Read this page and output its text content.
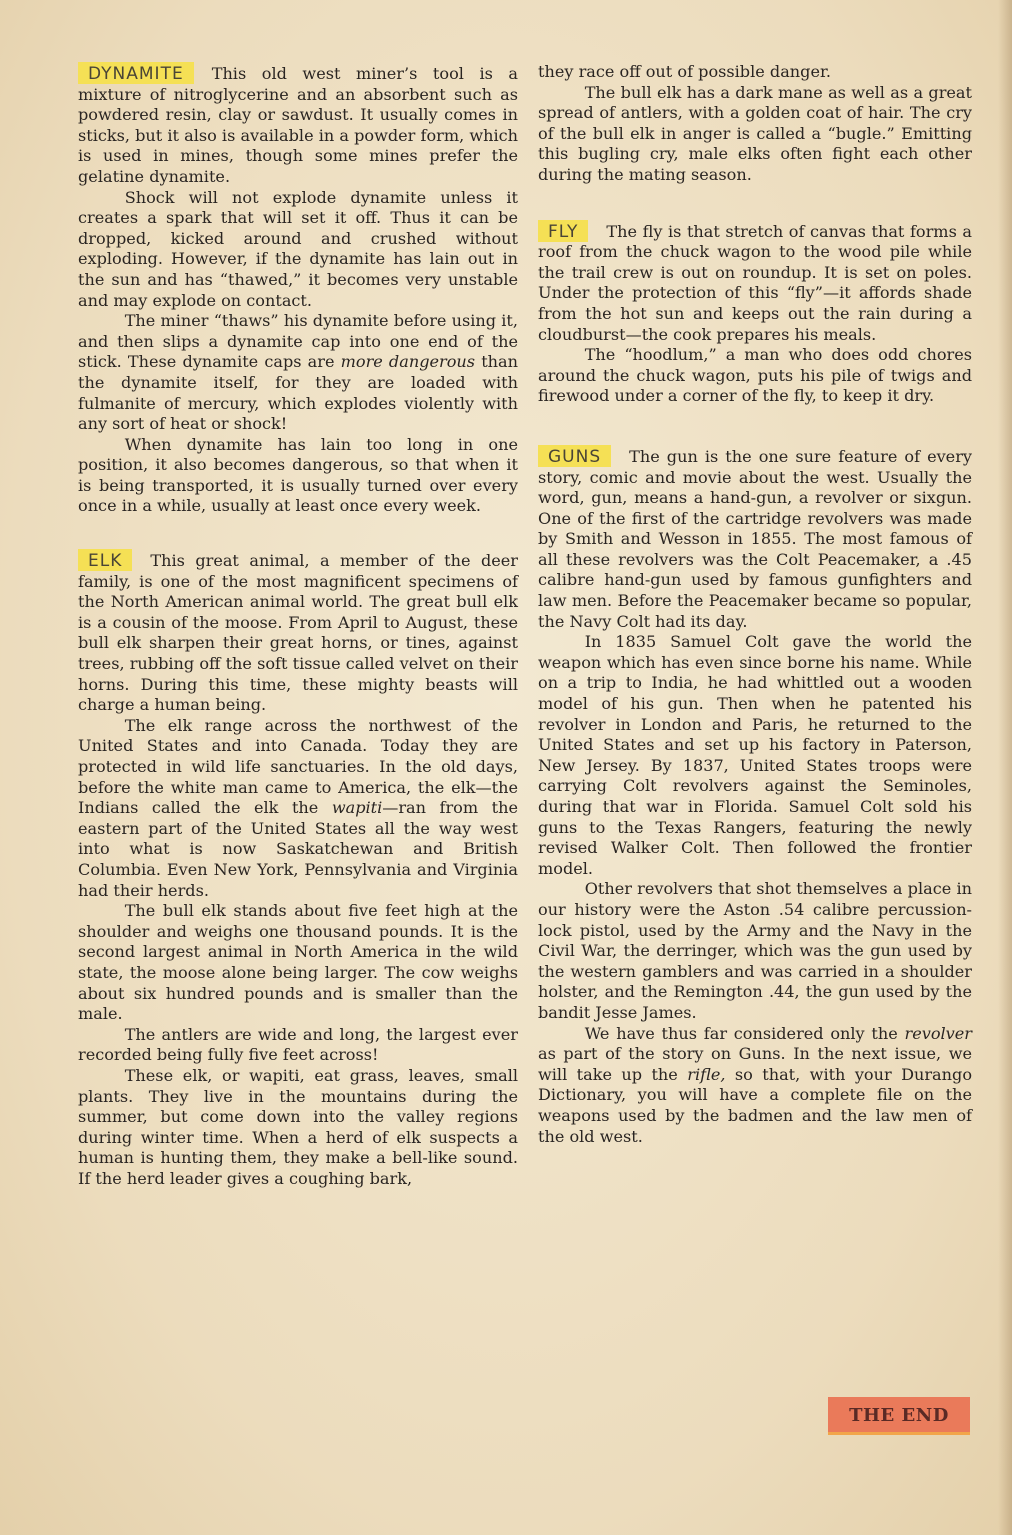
DYNAMITE This old west miner’s tool is a mixture of nitroglycerine and an absorbent such as powdered resin, clay or sawdust. It usually comes in sticks, but it also is available in a powder form, which is used in mines, though some mines prefer the gelatine dynamite.

Shock will not explode dynamite unless it creates a spark that will set it off. Thus it can be dropped, kicked around and crushed without exploding. However, if the dynamite has lain out in the sun and has “thawed,” it becomes very unstable and may explode on contact.

The miner “thaws” his dynamite before using it, and then slips a dynamite cap into one end of the stick. These dynamite caps are more dangerous than the dynamite itself, for they are loaded with fulmanite of mercury, which explodes violently with any sort of heat or shock!

When dynamite has lain too long in one position, it also becomes dangerous, so that when it is being transported, it is usually turned over every once in a while, usually at least once every week.

ELK This great animal, a member of the deer family, is one of the most magnificent specimens of the North American animal world. The great bull elk is a cousin of the moose. From April to August, these bull elk sharpen their great horns, or tines, against trees, rubbing off the soft tissue called velvet on their horns. During this time, these mighty beasts will charge a human being.

The elk range across the northwest of the United States and into Canada. Today they are protected in wild life sanctuaries. In the old days, before the white man came to America, the elk—the Indians called the elk the wapiti—ran from the eastern part of the United States all the way west into what is now Saskatchewan and British Columbia. Even New York, Pennsylvania and Virginia had their herds.

The bull elk stands about five feet high at the shoulder and weighs one thousand pounds. It is the second largest animal in North America in the wild state, the moose alone being larger. The cow weighs about six hundred pounds and is smaller than the male.

The antlers are wide and long, the largest ever recorded being fully five feet across!

These elk, or wapiti, eat grass, leaves, small plants. They live in the mountains during the summer, but come down into the valley regions during winter time. When a herd of elk suspects a human is hunting them, they make a bell-like sound. If the herd leader gives a coughing bark,

they race off out of possible danger.

The bull elk has a dark mane as well as a great spread of antlers, with a golden coat of hair. The cry of the bull elk in anger is called a “bugle.” Emitting this bugling cry, male elks often fight each other during the mating season.

FLY The fly is that stretch of canvas that forms a roof from the chuck wagon to the wood pile while the trail crew is out on roundup. It is set on poles. Under the protection of this “fly”—it affords shade from the hot sun and keeps out the rain during a cloudburst—the cook prepares his meals.

The “hoodlum,” a man who does odd chores around the chuck wagon, puts his pile of twigs and firewood under a corner of the fly, to keep it dry.

GUNS The gun is the one sure feature of every story, comic and movie about the west. Usually the word, gun, means a hand-gun, a revolver or sixgun. One of the first of the cartridge revolvers was made by Smith and Wesson in 1855. The most famous of all these revolvers was the Colt Peacemaker, a .45 calibre hand-gun used by famous gunfighters and law men. Before the Peacemaker became so popular, the Navy Colt had its day.

In 1835 Samuel Colt gave the world the weapon which has even since borne his name. While on a trip to India, he had whittled out a wooden model of his gun. Then when he patented his revolver in London and Paris, he returned to the United States and set up his factory in Paterson, New Jersey. By 1837, United States troops were carrying Colt revolvers against the Seminoles, during that war in Florida. Samuel Colt sold his guns to the Texas Rangers, featuring the newly revised Walker Colt. Then followed the frontier model.

Other revolvers that shot themselves a place in our history were the Aston .54 calibre percussion-lock pistol, used by the Army and the Navy in the Civil War, the derringer, which was the gun used by the western gamblers and was carried in a shoulder holster, and the Remington .44, the gun used by the bandit Jesse James.

We have thus far considered only the revolver as part of the story on Guns. In the next issue, we will take up the rifle, so that, with your Durango Dictionary, you will have a complete file on the weapons used by the badmen and the law men of the old west.

THE END
